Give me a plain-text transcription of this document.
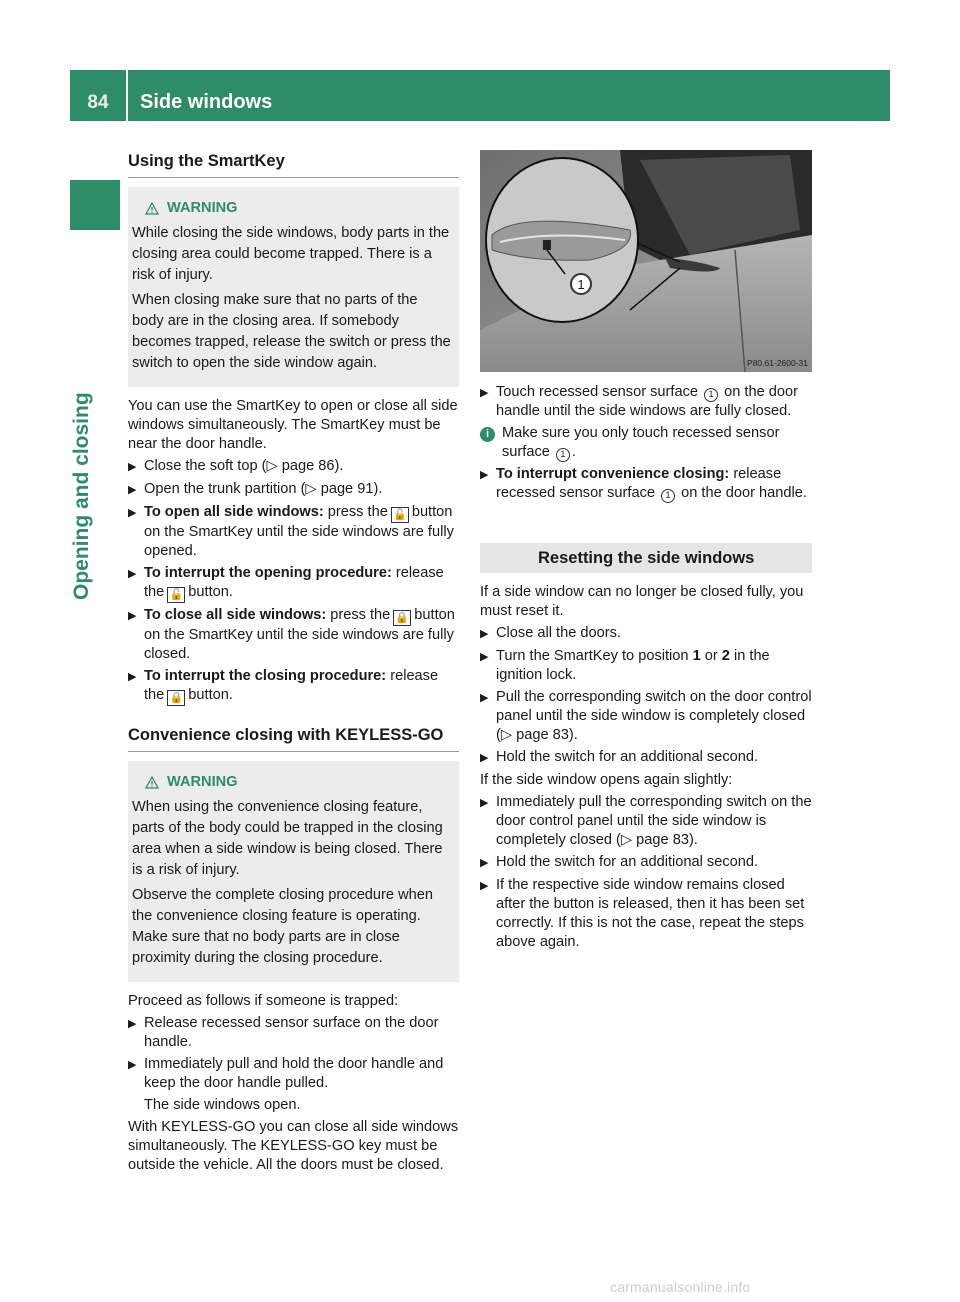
84	Side windows
Opening and closing
Using the SmartKey
WARNING

While closing the side windows, body parts in the closing area could become trapped. There is a risk of injury.

When closing make sure that no parts of the body are in the closing area. If somebody becomes trapped, release the switch or press the switch to open the side window again.

You can use the SmartKey to open or close all side windows simultaneously. The SmartKey must be near the door handle.

▶ Close the soft top (▷ page 86).
▶ Open the trunk partition (▷ page 91).
▶ To open all side windows: press the 🔓 button on the SmartKey until the side windows are fully opened.
▶ To interrupt the opening procedure: release the 🔓 button.
▶ To close all side windows: press the 🔒 button on the SmartKey until the side windows are fully closed.
▶ To interrupt the closing procedure: release the 🔒 button.
Convenience closing with KEYLESS-GO
WARNING

When using the convenience closing feature, parts of the body could be trapped in the closing area when a side window is being closed. There is a risk of injury.

Observe the complete closing procedure when the convenience closing feature is operating. Make sure that no body parts are in close proximity during the closing procedure.

Proceed as follows if someone is trapped:

▶ Release recessed sensor surface on the door handle.
▶ Immediately pull and hold the door handle and keep the door handle pulled.
The side windows open.

With KEYLESS-GO you can close all side windows simultaneously. The KEYLESS-GO key must be outside the vehicle. All the doors must be closed.

1
P80.61-2600-31
▶ Touch recessed sensor surface 1 on the door handle until the side windows are fully closed.
i Make sure you only touch recessed sensor surface 1 .
▶ To interrupt convenience closing: release recessed sensor surface 1 on the door handle.
Resetting the side windows

If a side window can no longer be closed fully, you must reset it.

▶ Close all the doors.
▶ Turn the SmartKey to position 1 or 2 in the ignition lock.
▶ Pull the corresponding switch on the door control panel until the side window is completely closed (▷ page 83).
▶ Hold the switch for an additional second.

If the side window opens again slightly:

▶ Immediately pull the corresponding switch on the door control panel until the side window is completely closed (▷ page 83).
▶ Hold the switch for an additional second.
▶ If the respective side window remains closed after the button is released, then it has been set correctly. If this is not the case, repeat the steps above again.
carmanualsonline.info
